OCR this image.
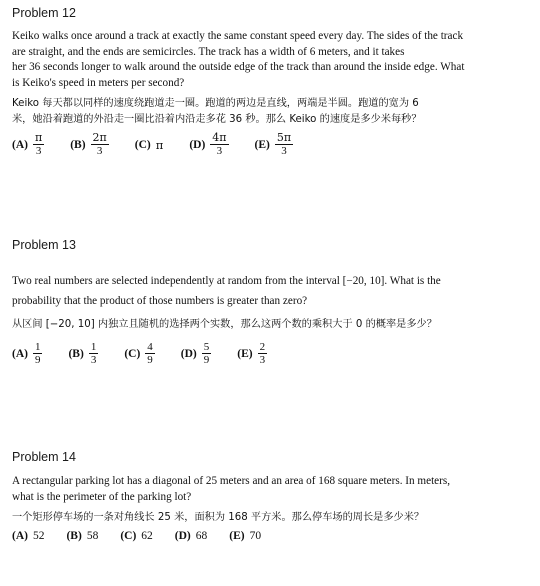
Problem 12

Keiko walks once around a track at exactly the same constant speed every day. The sides of the track

are straight, and the ends are semicircles. The track has a width of 6 meters, and it takes

her 36 seconds longer to walk around the outside edge of the track than around the inside edge. What

is Keiko's speed in meters per second?

Keiko 每天都以同样的速度绕跑道走一圈。跑道的两边是直线，两端是半圆。跑道的宽为 6

米，她沿着跑道的外沿走一圈比沿着内沿走多花 36 秒。那么 Keiko 的速度是多少米每秒？

$(A) \frac{\pi}{3} (B) \frac{2\pi}{3} (C)$ π $(D) \frac{4\pi}{3} (E) \frac{5\pi}{3}$

Problem 13

Two real numbers are selected independently at random from the interval [−20, 10]. What is the

probability that the product of those numbers is greater than zero?

从区间 [−20, 10] 内独立且随机的选择两个实数，那么这两个数的乘积大于 0 的概率是多少？

$(A) \frac{1}{9} (B) \frac{1}{3} (C) \frac{4}{9} (D) \frac{5}{9} (E) \frac{2}{3}$

Problem 14

A rectangular parking lot has a diagonal of 25 meters and an area of 168 square meters. In meters,

what is the perimeter of the parking lot?

一个矩形停车场的一条对角线长 25 米，面积为 168 平方米。那么停车场的周长是多少米？

(A) 52 (B) 58 (C) 62 (D) 68 (E) 70
